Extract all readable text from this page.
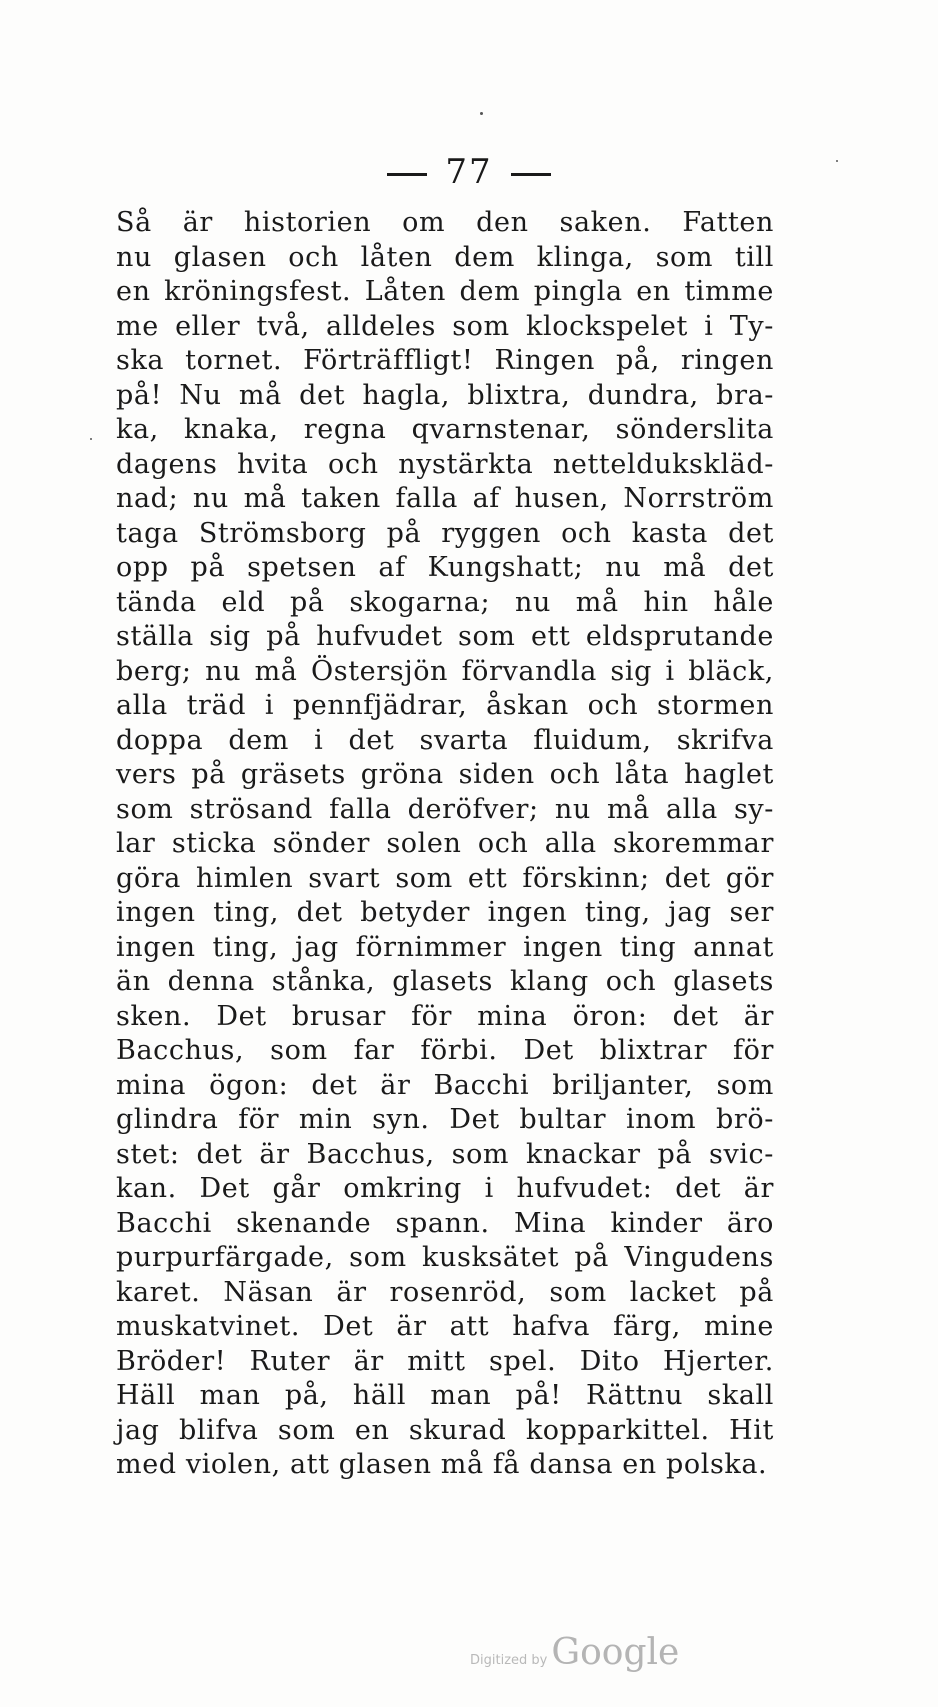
77
Så är historien om den saken. Fatten
nu glasen och låten dem klinga, som till
en kröningsfest. Låten dem pingla en timme
me eller två, alldeles som klockspelet i Ty-
ska tornet. Förträffligt! Ringen på, ringen
på! Nu må det hagla, blixtra, dundra, bra-
ka, knaka, regna qvarnstenar, sönderslita
dagens hvita och nystärkta netteldukskläd-
nad; nu må taken falla af husen, Norrström
taga Strömsborg på ryggen och kasta det
opp på spetsen af Kungshatt; nu må det
tända eld på skogarna; nu må hin håle
ställa sig på hufvudet som ett eldsprutande
berg; nu må Östersjön förvandla sig i bläck,
alla träd i pennfjädrar, åskan och stormen
doppa dem i det svarta fluidum, skrifva
vers på gräsets gröna siden och låta haglet
som strösand falla deröfver; nu må alla sy-
lar sticka sönder solen och alla skoremmar
göra himlen svart som ett förskinn; det gör
ingen ting, det betyder ingen ting, jag ser
ingen ting, jag förnimmer ingen ting annat
än denna stånka, glasets klang och glasets
sken. Det brusar för mina öron: det är
Bacchus, som far förbi. Det blixtrar för
mina ögon: det är Bacchi briljanter, som
glindra för min syn. Det bultar inom brö-
stet: det är Bacchus, som knackar på svic-
kan. Det går omkring i hufvudet: det är
Bacchi skenande spann. Mina kinder äro
purpurfärgade, som kusksätet på Vingudens
karet. Näsan är rosenröd, som lacket på
muskatvinet. Det är att hafva färg, mine
Bröder! Ruter är mitt spel. Dito Hjerter.
Häll man på, häll man på! Rättnu skall
jag blifva som en skurad kopparkittel. Hit
med violen, att glasen må få dansa en polska.
Digitized by Google
